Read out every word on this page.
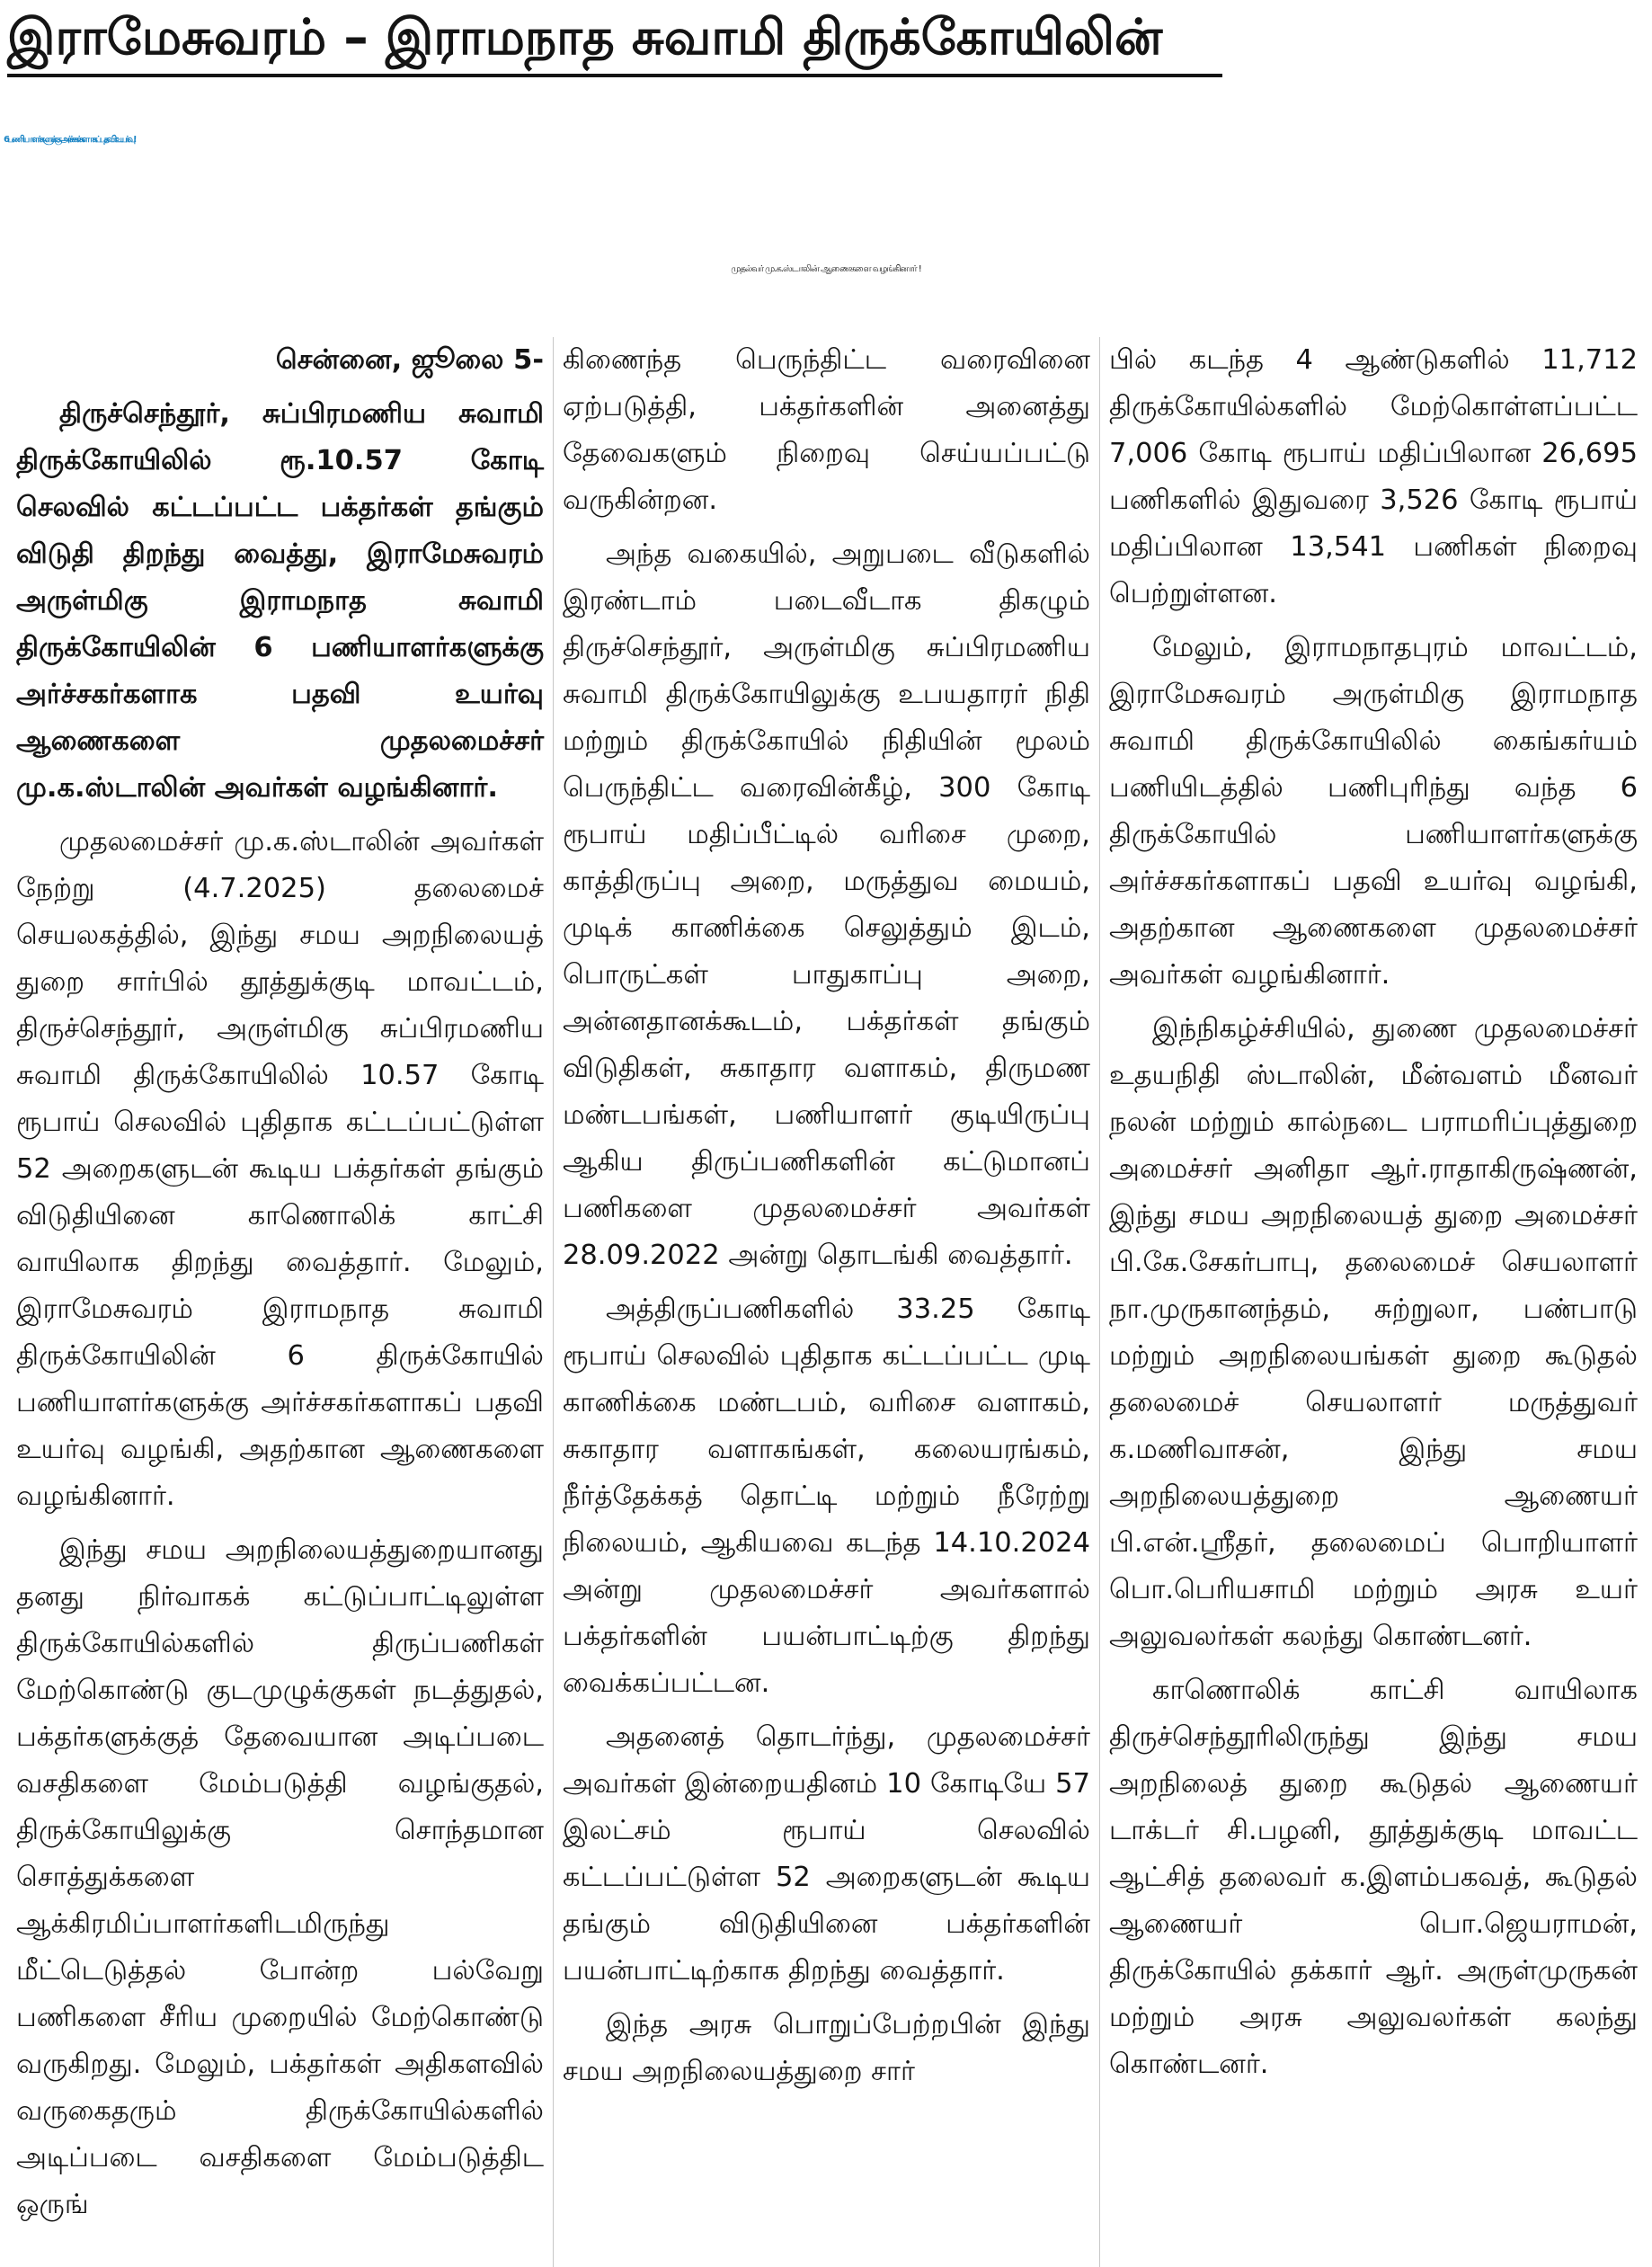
இராமேசுவரம் – இராமநாத சுவாமி திருக்கோயிலின்
6 பணியாளர்களுக்கு அர்ச்சகர்களாகப் பதவி உயர்வு!
முதல்வர் மு.க.ஸ்டாலின் ஆணைகளை வழங்கினார் !

சென்னை, ஜூலை 5-

திருச்செந்தூர், சுப்பிரமணிய சுவாமி திருக்கோயிலில் ரூ.10.57 கோடி செலவில் கட்டப்பட்ட பக்தர்கள் தங்கும் விடுதி திறந்து வைத்து, இராமேசுவரம் அருள்மிகு இராமநாத சுவாமி திருக்கோயிலின் 6 பணியாளர்களுக்கு அர்ச்சகர்களாக பதவி உயர்வு ஆணைகளை முதலமைச்சர் மு.க.ஸ்டாலின் அவர்கள் வழங்கினார்.

முதலமைச்சர் மு.க.ஸ்டாலின் அவர்கள் நேற்று (4.7.2025) தலைமைச் செயலகத்தில், இந்து சமய அறநிலையத் துறை சார்பில் தூத்துக்குடி மாவட்டம், திருச்செந்தூர், அருள்மிகு சுப்பிரமணிய சுவாமி திருக்கோயிலில் 10.57 கோடி ரூபாய் செலவில் புதிதாக கட்டப்பட்டுள்ள 52 அறைகளுடன் கூடிய பக்தர்கள் தங்கும் விடுதியினை காணொலிக் காட்சி வாயிலாக திறந்து வைத்தார். மேலும், இராமேசுவரம் இராமநாத சுவாமி திருக்கோயிலின் 6 திருக்கோயில் பணியாளர்களுக்கு அர்ச்சகர்களாகப் பதவி உயர்வு வழங்கி, அதற்கான ஆணைகளை வழங்கினார்.

இந்து சமய அறநிலையத்துறையானது தனது நிர்வாகக் கட்டுப்பாட்டிலுள்ள திருக்கோயில்களில் திருப்பணிகள் மேற்கொண்டு குடமுழுக்குகள் நடத்துதல், பக்தர்களுக்குத் தேவையான அடிப்படை வசதிகளை மேம்படுத்தி வழங்குதல், திருக்கோயிலுக்கு சொந்தமான சொத்துக்களை ஆக்கிரமிப்பாளர்களிடமிருந்து மீட்டெடுத்தல் போன்ற பல்வேறு பணிகளை சீரிய முறையில் மேற்கொண்டு வருகிறது. மேலும், பக்தர்கள் அதிகளவில் வருகைதரும் திருக்கோயில்களில் அடிப்படை வசதிகளை மேம்படுத்திட ஒருங்

கிணைந்த பெருந்திட்ட வரைவினை ஏற்படுத்தி, பக்தர்களின் அனைத்து தேவைகளும் நிறைவு செய்யப்பட்டு வருகின்றன.

அந்த வகையில், அறுபடை வீடுகளில் இரண்டாம் படைவீடாக திகழும் திருச்செந்தூர், அருள்மிகு சுப்பிரமணிய சுவாமி திருக்கோயிலுக்கு உபயதாரர் நிதி மற்றும் திருக்கோயில் நிதியின் மூலம் பெருந்திட்ட வரைவின்கீழ், 300 கோடி ரூபாய் மதிப்பீட்டில் வரிசை முறை, காத்திருப்பு அறை, மருத்துவ மையம், முடிக் காணிக்கை செலுத்தும் இடம், பொருட்கள் பாதுகாப்பு அறை, அன்னதானக்கூடம், பக்தர்கள் தங்கும் விடுதிகள், சுகாதார வளாகம், திருமண மண்டபங்கள், பணியாளர் குடியிருப்பு ஆகிய திருப்பணிகளின் கட்டுமானப் பணிகளை முதலமைச்சர் அவர்கள் 28.09.2022 அன்று தொடங்கி வைத்தார்.

அத்திருப்பணிகளில் 33.25 கோடி ரூபாய் செலவில் புதிதாக கட்டப்பட்ட முடி காணிக்கை மண்டபம், வரிசை வளாகம், சுகாதார வளாகங்கள், கலையரங்கம், நீர்த்தேக்கத் தொட்டி மற்றும் நீரேற்று நிலையம், ஆகியவை கடந்த 14.10.2024 அன்று முதலமைச்சர் அவர்களால் பக்தர்களின் பயன்பாட்டிற்கு திறந்து வைக்கப்பட்டன.

அதனைத் தொடர்ந்து, முதலமைச்சர் அவர்கள் இன்றையதினம் 10 கோடியே 57 இலட்சம் ரூபாய் செலவில் கட்டப்பட்டுள்ள 52 அறைகளுடன் கூடிய தங்கும் விடுதியினை பக்தர்களின் பயன்பாட்டிற்காக திறந்து வைத்தார்.

இந்த அரசு பொறுப்பேற்றபின் இந்து சமய அறநிலையத்துறை சார்

பில் கடந்த 4 ஆண்டுகளில் 11,712 திருக்கோயில்களில் மேற்கொள்ளப்பட்ட 7,006 கோடி ரூபாய் மதிப்பிலான 26,695 பணிகளில் இதுவரை 3,526 கோடி ரூபாய் மதிப்பிலான 13,541 பணிகள் நிறைவு பெற்றுள்ளன.

மேலும், இராமநாதபுரம் மாவட்டம், இராமேசுவரம் அருள்மிகு இராமநாத சுவாமி திருக்கோயிலில் கைங்கர்யம் பணியிடத்தில் பணிபுரிந்து வந்த 6 திருக்கோயில் பணியாளர்களுக்கு அர்ச்சகர்களாகப் பதவி உயர்வு வழங்கி, அதற்கான ஆணைகளை முதலமைச்சர் அவர்கள் வழங்கினார்.

இந்நிகழ்ச்சியில், துணை முதலமைச்சர் உதயநிதி ஸ்டாலின், மீன்வளம் மீனவர் நலன் மற்றும் கால்நடை பராமரிப்புத்துறை அமைச்சர் அனிதா ஆர்.ராதாகிருஷ்ணன், இந்து சமய அறநிலையத் துறை அமைச்சர் பி.கே.சேகர்பாபு, தலைமைச் செயலாளர் நா.முருகானந்தம், சுற்றுலா, பண்பாடு மற்றும் அறநிலையங்கள் துறை கூடுதல் தலைமைச் செயலாளர் மருத்துவர் க.மணிவாசன், இந்து சமய அறநிலையத்துறை ஆணையர் பி.என்.ஸ்ரீதர், தலைமைப் பொறியாளர் பொ.பெரியசாமி மற்றும் அரசு உயர் அலுவலர்கள் கலந்து கொண்டனர்.

காணொலிக் காட்சி வாயிலாக திருச்செந்தூரிலிருந்து இந்து சமய அறநிலைத் துறை கூடுதல் ஆணையர் டாக்டர் சி.பழனி, தூத்துக்குடி மாவட்ட ஆட்சித் தலைவர் க.இளம்பகவத், கூடுதல் ஆணையர் பொ.ஜெயராமன், திருக்கோயில் தக்கார் ஆர். அருள்முருகன் மற்றும் அரசு அலுவலர்கள் கலந்து கொண்டனர்.
